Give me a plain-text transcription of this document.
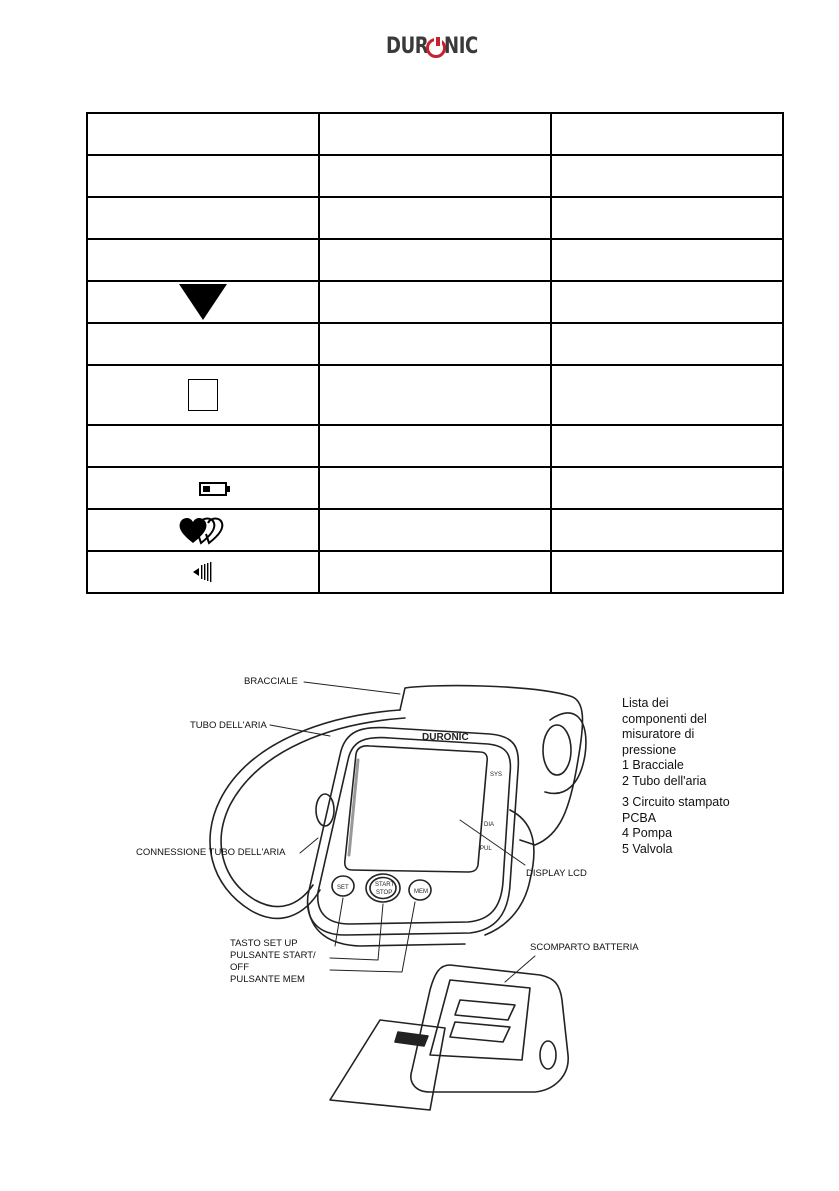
DUR NIC

DURONIC
SYS
DIA
PUL
SET	START
STOP	MEM
BRACCIALE
TUBO DELL'ARIA
CONNESSIONE TUBO DELL'ARIA
DISPLAY LCD
TASTO SET UP
PULSANTE START/
OFF
PULSANTE MEM
SCOMPARTO BATTERIA
Lista dei
componenti del
misuratore di
pressione
1 Bracciale
2 Tubo dell'aria
3 Circuito stampato
PCBA
4 Pompa
5 Valvola
